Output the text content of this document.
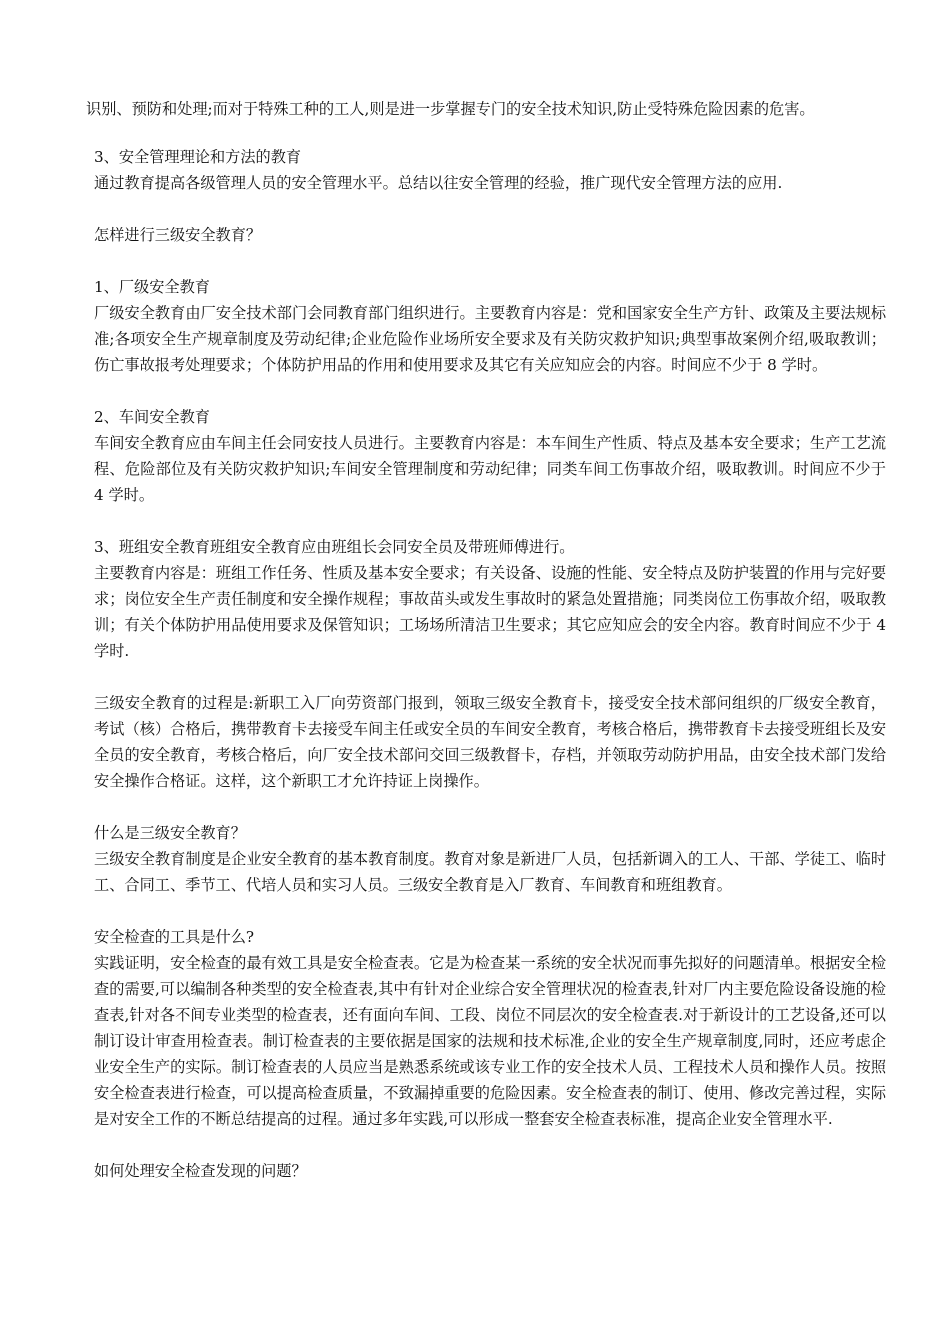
识别、预防和处理;而对于特殊工种的工人,则是进一步掌握专门的安全技术知识,防止受特殊危险因素的危害。

3、安全管理理论和方法的教育

通过教育提高各级管理人员的安全管理水平。总结以往安全管理的经验，推广现代安全管理方法的应用.

怎样进行三级安全教育？

1、厂级安全教育

厂级安全教育由厂安全技术部门会同教育部门组织进行。主要教育内容是：党和国家安全生产方针、政策及主要法规标准;各项安全生产规章制度及劳动纪律;企业危险作业场所安全要求及有关防灾救护知识;典型事故案例介绍,吸取教训；伤亡事故报考处理要求；个体防护用品的作用和使用要求及其它有关应知应会的内容。时间应不少于 8 学时。

2、车间安全教育

车间安全教育应由车间主任会同安技人员进行。主要教育内容是：本车间生产性质、特点及基本安全要求；生产工艺流程、危险部位及有关防灾救护知识;车间安全管理制度和劳动纪律；同类车间工伤事故介绍，吸取教训。时间应不少于 4 学时。

3、班组安全教育班组安全教育应由班组长会同安全员及带班师傅进行。

主要教育内容是：班组工作任务、性质及基本安全要求；有关设备、设施的性能、安全特点及防护装置的作用与完好要求；岗位安全生产责任制度和安全操作规程；事故苗头或发生事故时的紧急处置措施；同类岗位工伤事故介绍，吸取教训；有关个体防护用品使用要求及保管知识；工场场所清洁卫生要求；其它应知应会的安全内容。教育时间应不少于 4 学时.

三级安全教育的过程是:新职工入厂向劳资部门报到，领取三级安全教育卡，接受安全技术部问组织的厂级安全教育，考试（核）合格后，携带教育卡去接受车间主任或安全员的车间安全教育，考核合格后，携带教育卡去接受班组长及安全员的安全教育，考核合格后，向厂安全技术部问交回三级教督卡，存档，并领取劳动防护用品，由安全技术部门发给安全操作合格证。这样，这个新职工才允许持证上岗操作。

什么是三级安全教育？

三级安全教育制度是企业安全教育的基本教育制度。教育对象是新进厂人员，包括新调入的工人、干部、学徒工、临时工、合同工、季节工、代培人员和实习人员。三级安全教育是入厂教育、车间教育和班组教育。

安全检查的工具是什么?

实践证明，安全检查的最有效工具是安全检查表。它是为检查某一系统的安全状况而事先拟好的问题清单。根据安全检查的需要,可以编制各种类型的安全检查表,其中有针对企业综合安全管理状况的检查表,针对厂内主要危险设备设施的检查表,针对各不间专业类型的检查表，还有面向车间、工段、岗位不同层次的安全检查表.对于新设计的工艺设备,还可以制订设计审查用检查表。制订检查表的主要依据是国家的法规和技术标准,企业的安全生产规章制度,同时，还应考虑企业安全生产的实际。制订检查表的人员应当是熟悉系统或该专业工作的安全技术人员、工程技术人员和操作人员。按照安全检查表进行检查，可以提高检查质量，不致漏掉重要的危险因素。安全检查表的制订、使用、修改完善过程，实际是对安全工作的不断总结提高的过程。通过多年实践,可以形成一整套安全检查表标准，提高企业安全管理水平.

如何处理安全检查发现的问题？
